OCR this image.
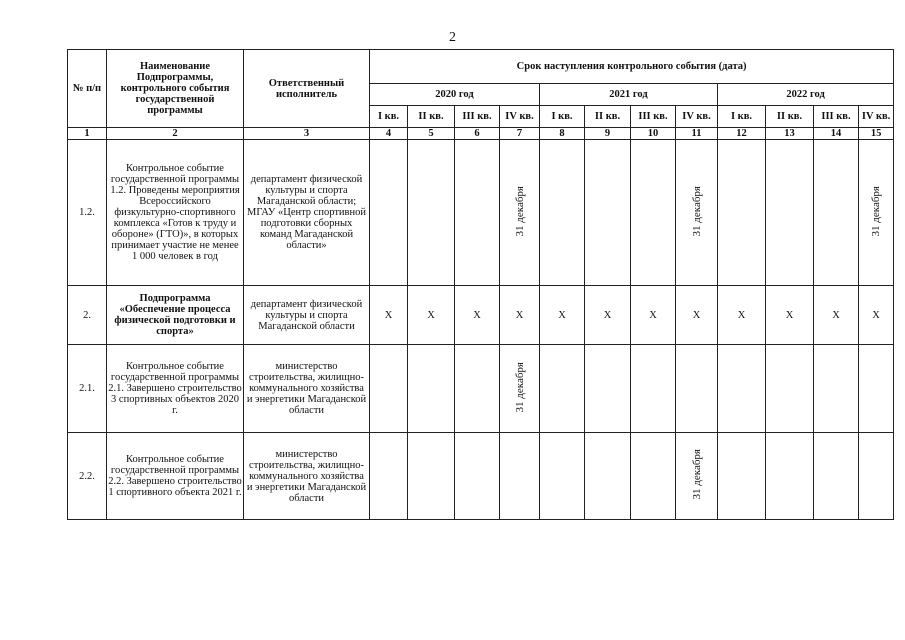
2
№ п/п	Наименование Подпрограммы, контрольного события государственной программы	Ответственный исполнитель	Срок наступления контрольного события (дата)											
			2020 год				2021 год				2022 год			
			I кв.	II кв.	III кв.	IV кв.	I кв.	II кв.	III кв.	IV кв.	I кв.	II кв.	III кв.	IV кв.
1	2	3	4	5	6	7	8	9	10	11	12	13	14	15
1.2.	Контрольное событие государственной программы 1.2. Проведены мероприятия Всероссийского физкультурно-спортивного комплекса «Готов к труду и обороне» (ГТО)», в которых принимает участие не менее 1 000 человек в год	департамент физической культуры и спорта Магаданской области; МГАУ «Центр спортивной подготовки сборных команд Магаданской области»				31 декабря				31 декабря				31 декабря
2.	Подпрограмма «Обеспечение процесса физической подготовки и спорта»	департамент физической культуры и спорта Магаданской области	Х	Х	Х	Х	Х	Х	Х	Х	Х	Х	Х	Х
2.1.	Контрольное событие государственной программы 2.1. Завершено строительство 3 спортивных объектов 2020 г.	министерство строительства, жилищно-коммунального хозяйства и энергетики Магаданской области				31 декабря								
2.2.	Контрольное событие государственной программы 2.2. Завершено строительство 1 спортивного объекта 2021 г.	министерство строительства, жилищно-коммунального хозяйства и энергетики Магаданской области								31 декабря				
